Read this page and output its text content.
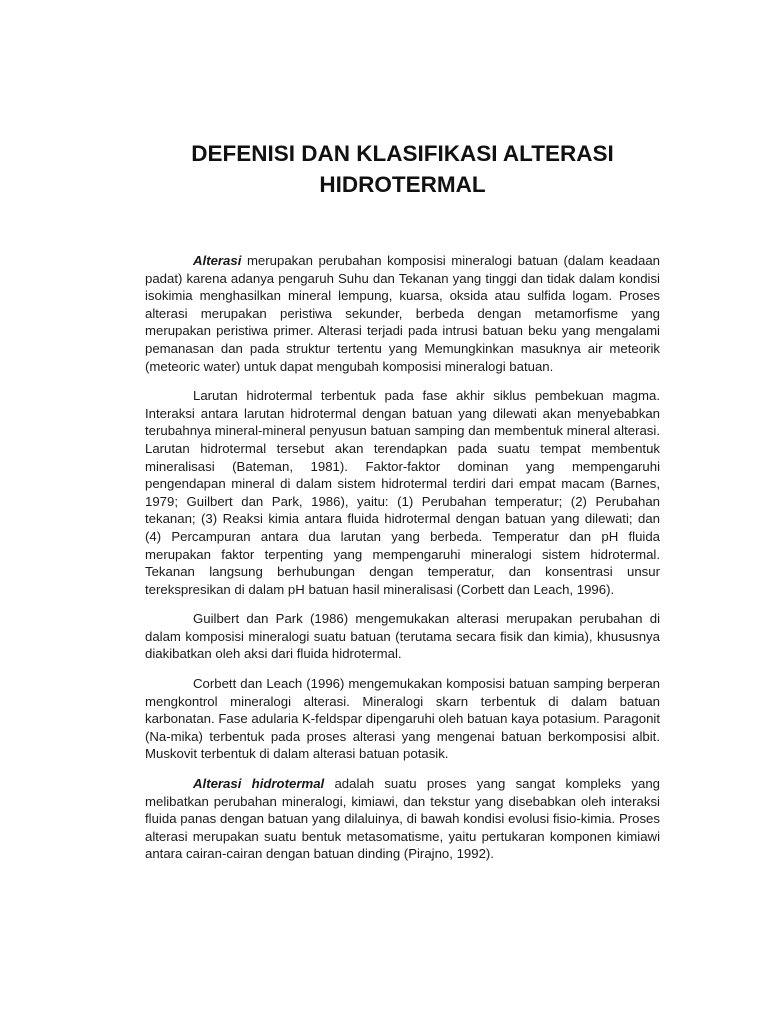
DEFENISI DAN KLASIFIKASI ALTERASI
HIDROTERMAL

Alterasi merupakan perubahan komposisi mineralogi batuan (dalam keadaan padat) karena adanya pengaruh Suhu dan Tekanan yang tinggi dan tidak dalam kondisi isokimia menghasilkan mineral lempung, kuarsa, oksida atau sulfida logam. Proses alterasi merupakan peristiwa sekunder, berbeda dengan metamorfisme yang merupakan peristiwa primer. Alterasi terjadi pada intrusi batuan beku yang mengalami pemanasan dan pada struktur tertentu yang Memungkinkan masuknya air meteorik (meteoric water) untuk dapat mengubah komposisi mineralogi batuan.

Larutan hidrotermal terbentuk pada fase akhir siklus pembekuan magma. Interaksi antara larutan hidrotermal dengan batuan yang dilewati akan menyebabkan terubahnya mineral-mineral penyusun batuan samping dan membentuk mineral alterasi. Larutan hidrotermal tersebut akan terendapkan pada suatu tempat membentuk mineralisasi (Bateman, 1981). Faktor-faktor dominan yang mempengaruhi pengendapan mineral di dalam sistem hidrotermal terdiri dari empat macam (Barnes, 1979; Guilbert dan Park, 1986), yaitu: (1) Perubahan temperatur; (2) Perubahan tekanan; (3) Reaksi kimia antara fluida hidrotermal dengan batuan yang dilewati; dan (4) Percampuran antara dua larutan yang berbeda. Temperatur dan pH fluida merupakan faktor terpenting yang mempengaruhi mineralogi sistem hidrotermal. Tekanan langsung berhubungan dengan temperatur, dan konsentrasi unsur terekspresikan di dalam pH batuan hasil mineralisasi (Corbett dan Leach, 1996).

Guilbert dan Park (1986) mengemukakan alterasi merupakan perubahan di dalam komposisi mineralogi suatu batuan (terutama secara fisik dan kimia), khususnya diakibatkan oleh aksi dari fluida hidrotermal.

Corbett dan Leach (1996) mengemukakan komposisi batuan samping berperan mengkontrol mineralogi alterasi. Mineralogi skarn terbentuk di dalam batuan karbonatan. Fase adularia K-feldspar dipengaruhi oleh batuan kaya potasium. Paragonit (Na-mika) terbentuk pada proses alterasi yang mengenai batuan berkomposisi albit. Muskovit terbentuk di dalam alterasi batuan potasik.

Alterasi hidrotermal adalah suatu proses yang sangat kompleks yang melibatkan perubahan mineralogi, kimiawi, dan tekstur yang disebabkan oleh interaksi fluida panas dengan batuan yang dilaluinya, di bawah kondisi evolusi fisio-kimia. Proses alterasi merupakan suatu bentuk metasomatisme, yaitu pertukaran komponen kimiawi antara cairan-cairan dengan batuan dinding (Pirajno, 1992).
